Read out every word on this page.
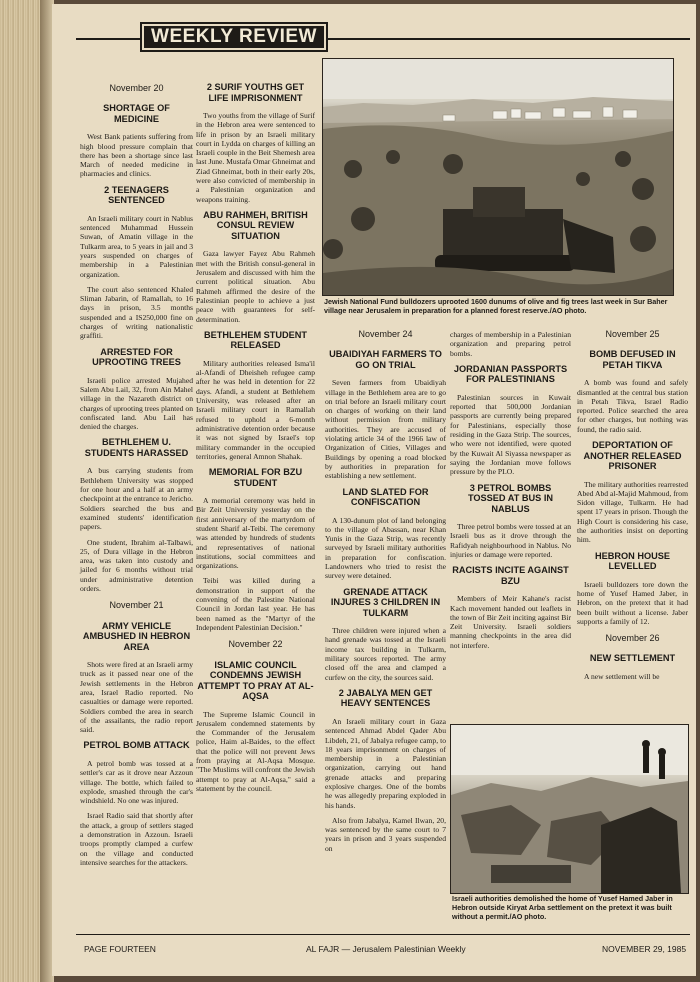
WEEKLY REVIEW
November 20
SHORTAGE OF MEDICINE

West Bank patients suffering from high blood pressure complain that there has been a shortage since last March of needed medicine in pharmacies and clinics.

2 TEENAGERS SENTENCED

An Israeli military court in Nablus sentenced Muhammad Hussein Suwan, of Amatin village in the Tulkarm area, to 5 years in jail and 3 years suspended on charges of membership in a Palestinian organization.

The court also sentenced Khaled Sliman Jabarin, of Ramallah, to 16 days in prison, 3.5 months suspended and a IS250,000 fine on charges of writing nationalistic graffiti.

ARRESTED FOR UPROOTING TREES

Israeli police arrested Mujahed Salem Abu Lail, 32, from Ain Mahel village in the Nazareth district on charges of uprooting trees planted on confiscated land. Abu Lail has denied the charges.

BETHLEHEM U. STUDENTS HARASSED

A bus carrying students from Bethlehem University was stopped for one hour and a half at an army checkpoint at the entrance to Jericho. Soldiers searched the bus and examined students' identification papers.

One student, Ibrahim al-Talbawi, 25, of Dura village in the Hebron area, was taken into custody and jailed for 6 months without trial under administrative detention orders.

November 21
ARMY VEHICLE AMBUSHED IN HEBRON AREA

Shots were fired at an Israeli army truck as it passed near one of the Jewish settlements in the Hebron area, Israel Radio reported. No casualties or damage were reported. Soldiers combed the area in search of the assailants, the radio report said.

PETROL BOMB ATTACK

A petrol bomb was tossed at a settler's car as it drove near Azzoun village. The bottle, which failed to explode, smashed through the car's windshield. No one was injured.

Israel Radio said that shortly after the attack, a group of settlers staged a demonstration in Azzoun. Israeli troops promptly clamped a curfew on the village and conducted intensive searches for the attackers.

2 SURIF YOUTHS GET LIFE IMPRISONMENT

Two youths from the village of Surif in the Hebron area were sentenced to life in prison by an Israeli military court in Lydda on charges of killing an Israeli couple in the Beit Shemesh area last June. Mustafa Omar Ghneimat and Ziad Ghneimat, both in their early 20s, were also convicted of membership in a Palestinian organization and weapons training.

ABU RAHMEH, BRITISH CONSUL REVIEW SITUATION

Gaza lawyer Fayez Abu Rahmeh met with the British consul-general in Jerusalem and discussed with him the current political situation. Abu Rahmeh affirmed the desire of the Palestinian people to achieve a just peace with guarantees for self-determination.

BETHLEHEM STUDENT RELEASED

Military authorities released Isma'il al-Afandi of Dheisheh refugee camp after he was held in detention for 22 days. Afandi, a student at Bethlehem University, was released after an Israeli military court in Ramallah refused to uphold a 6-month administrative detention order because it was not signed by Israel's top military commander in the occupied territories, general Amnon Shahak.

MEMORIAL FOR BZU STUDENT

A memorial ceremony was held in Bir Zeit University yesterday on the first anniversary of the martyrdom of student Sharif al-Teibi. The ceremony was attended by hundreds of students and representatives of national institutions, social committees and organizations.

Teibi was killed during a demonstration in support of the convening of the Palestine National Council in Jordan last year. He has been named as the "Martyr of the Independent Palestinian Decision."

November 22
ISLAMIC COUNCIL CONDEMNS JEWISH ATTEMPT TO PRAY AT AL-AQSA

The Supreme Islamic Council in Jerusalem condemned statements by the Commander of the Jerusalem police, Haim al-Baides, to the effect that the police will not prevent Jews from praying at Al-Aqsa Mosque. "The Muslims will confront the Jewish attempt to pray at Al-Aqsa," said a statement by the council.

Jewish National Fund bulldozers uprooted 1600 dunums of olive and fig trees last week in Sur Baher village near Jerusalem in preparation for a planned forest reserve./AO photo.
November 24
UBAIDIYAH FARMERS TO GO ON TRIAL

Seven farmers from Ubaidiyah village in the Bethlehem area are to go on trial before an Israeli military court on charges of working on their land without permission from military authorities. They are accused of violating article 34 of the 1966 law of Organization of Cities, Villages and Buildings by opening a road blocked by authorities in preparation for establishing a new settlement.

LAND SLATED FOR CONFISCATION

A 130-dunum plot of land belonging to the village of Abassan, near Khan Yunis in the Gaza Strip, was recently surveyed by Israeli military authorities in preparation for confiscation. Landowners who tried to resist the survey were detained.

GRENADE ATTACK INJURES 3 CHILDREN IN TULKARM

Three children were injured when a hand grenade was tossed at the Israeli income tax building in Tulkarm, military sources reported. The army closed off the area and clamped a curfew on the city, the sources said.

2 JABALYA MEN GET HEAVY SENTENCES

An Israeli military court in Gaza sentenced Ahmad Abdel Qader Abu Libdeh, 21, of Jabalya refugee camp, to 18 years imprisonment on charges of membership in a Palestinian organization, carrying out hand grenade attacks and preparing explosive charges. One of the bombs he was allegedly preparing exploded in his hands.

Also from Jabalya, Kamel Ilwan, 20, was sentenced by the same court to 7 years in prison and 3 years suspended on

charges of membership in a Palestinian organization and preparing petrol bombs.

JORDANIAN PASSPORTS FOR PALESTINIANS

Palestinian sources in Kuwait reported that 500,000 Jordanian passports are currently being prepared for Palestinians, especially those residing in the Gaza Strip. The sources, who were not identified, were quoted by the Kuwait Al Siyassa newspaper as saying the Jordanian move follows pressure by the PLO.

3 PETROL BOMBS TOSSED AT BUS IN NABLUS

Three petrol bombs were tossed at an Israeli bus as it drove through the Rafidyah neighbourhood in Nablus. No injuries or damage were reported.

RACISTS INCITE AGAINST BZU

Members of Meir Kahane's racist Kach movement handed out leaflets in the town of Bir Zeit inciting against Bir Zeit University. Israeli soldiers manning checkpoints in the area did not interfere.

November 25
BOMB DEFUSED IN PETAH TIKVA

A bomb was found and safely dismantled at the central bus station in Petah Tikva, Israel Radio reported. Police searched the area for other charges, but nothing was found, the radio said.

DEPORTATION OF ANOTHER RELEASED PRISONER

The military authorities rearrested Abed Abd al-Majid Mahmoud, from Sidon village, Tulkarm. He had spent 17 years in prison. Though the High Court is considering his case, the authorities insist on deporting him.

HEBRON HOUSE LEVELLED

Israeli bulldozers tore down the home of Yusef Hamed Jaber, in Hebron, on the pretext that it had been built without a license. Jaber supports a family of 12.

November 26
NEW SETTLEMENT

A new settlement will be

Israeli authorities demolished the home of Yusef Hamed Jaber in Hebron outside Kiryat Arba settlement on the pretext it was built without a permit./AO photo.
PAGE FOURTEEN	AL FAJR — Jerusalem Palestinian Weekly	NOVEMBER 29, 1985
